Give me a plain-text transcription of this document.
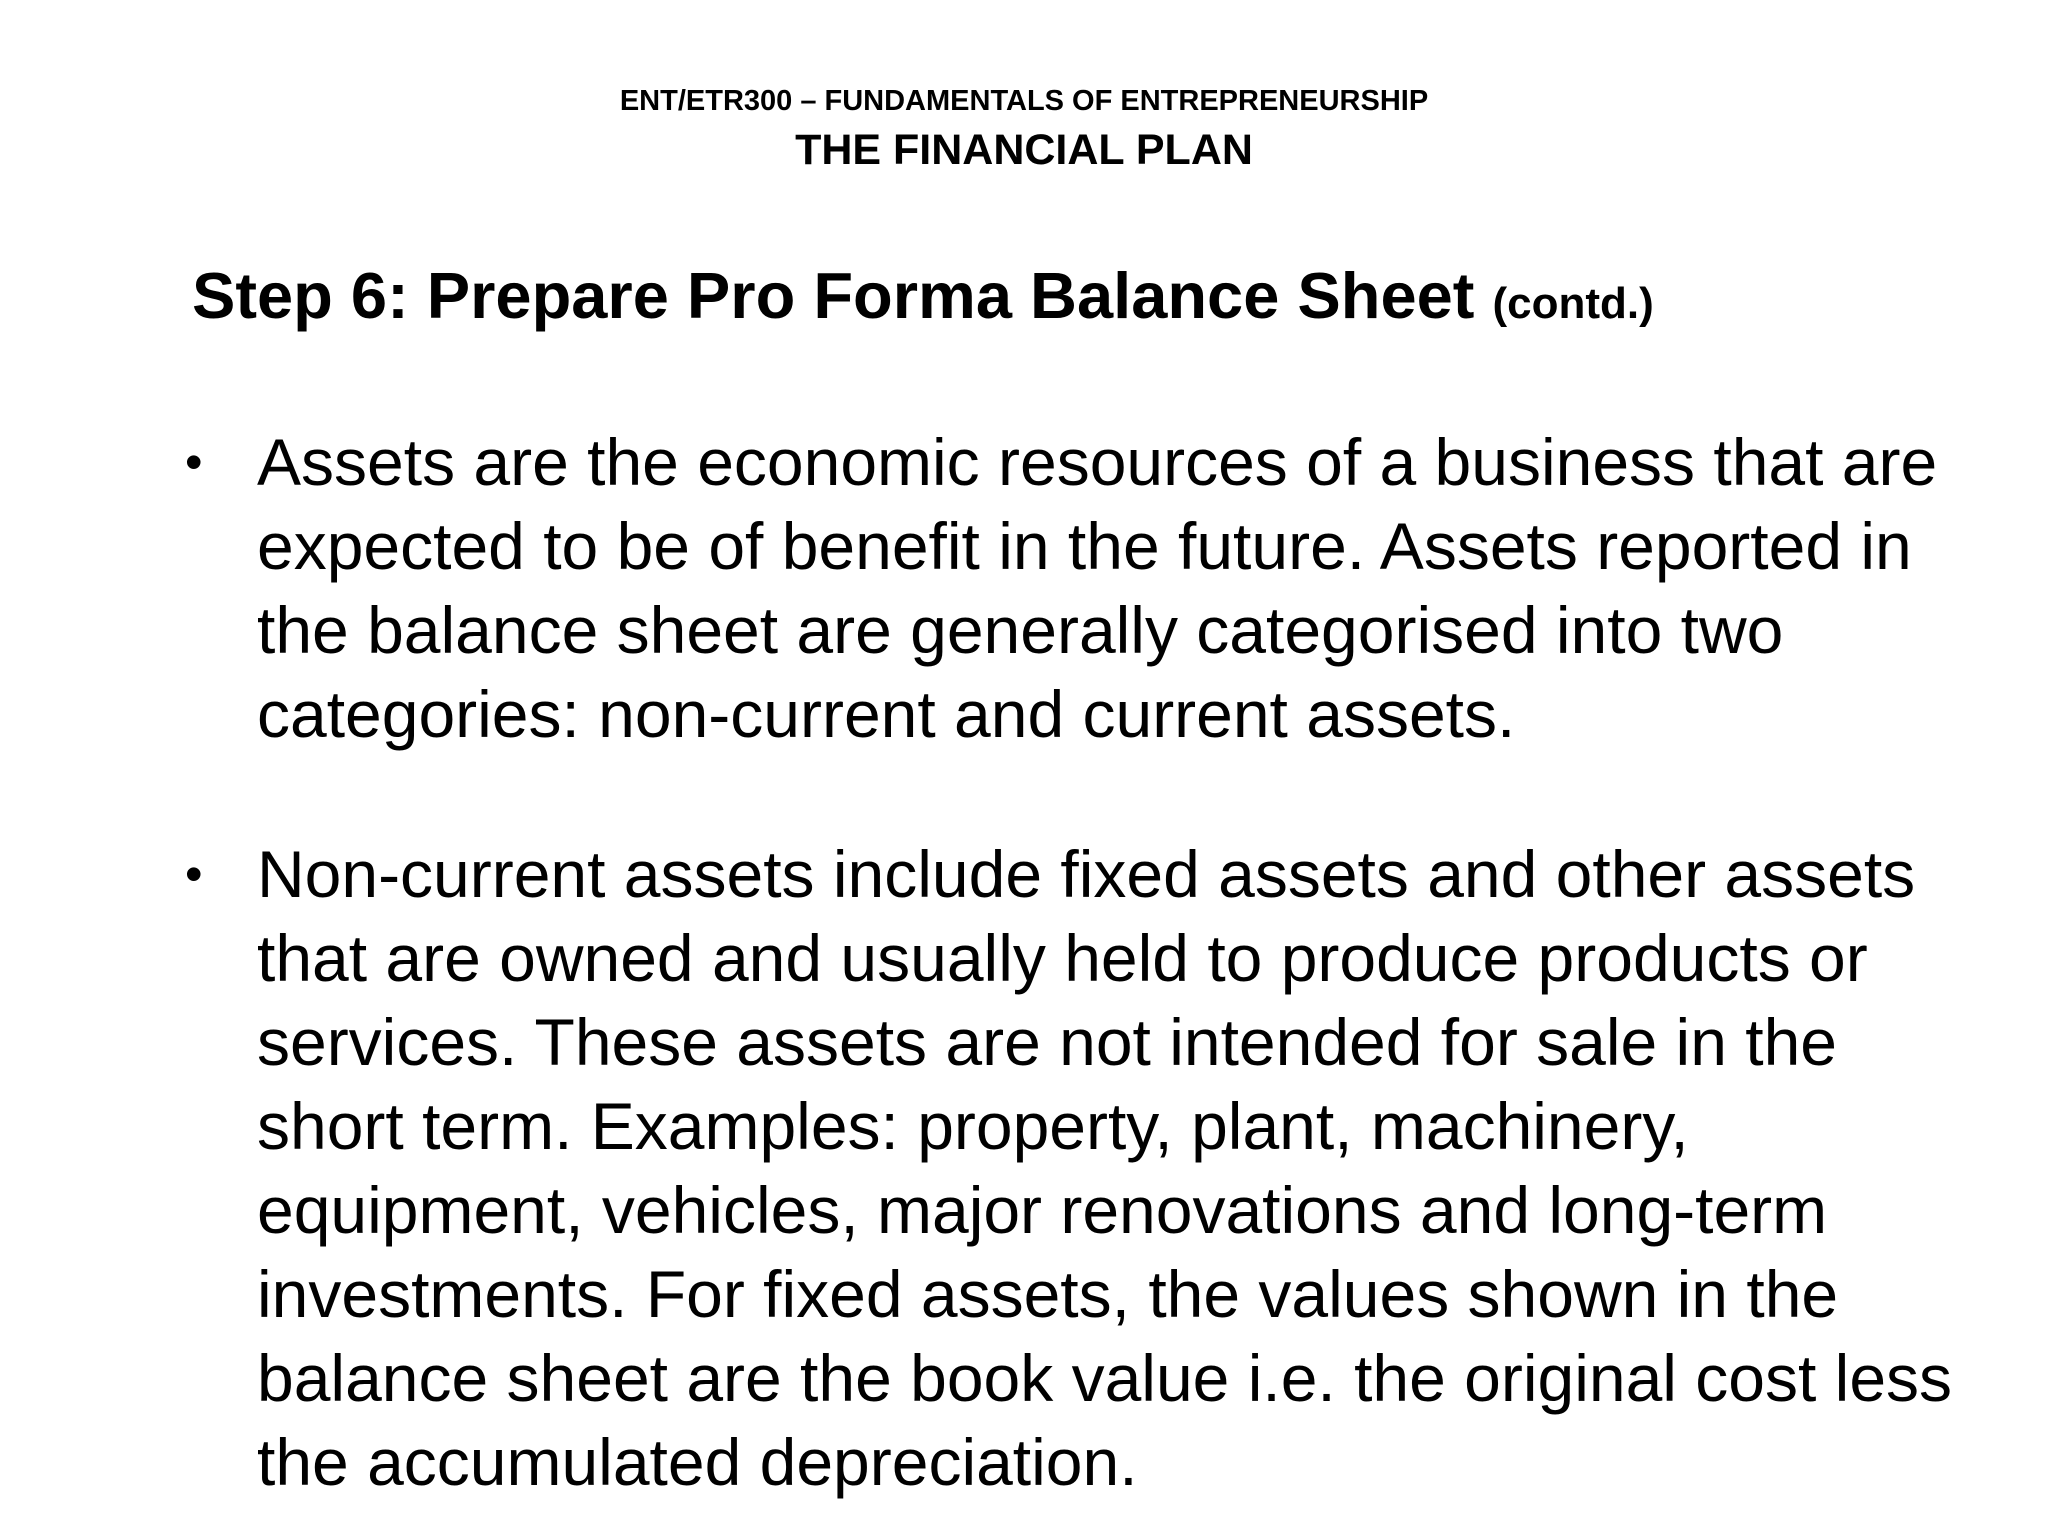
ENT/ETR300 – FUNDAMENTALS OF ENTREPRENEURSHIP
THE FINANCIAL PLAN
Step 6: Prepare Pro Forma Balance Sheet (contd.)
• Assets are the economic resources of a business that are expected to be of benefit in the future. Assets reported in the balance sheet are generally categorised into two categories: non-current and current assets.
• Non-current assets include fixed assets and other assets that are owned and usually held to produce products or services. These assets are not intended for sale in the short term. Examples: property, plant, machinery, equipment, vehicles, major renovations and long-term investments. For fixed assets, the values shown in the balance sheet are the book value i.e. the original cost less the accumulated depreciation.
